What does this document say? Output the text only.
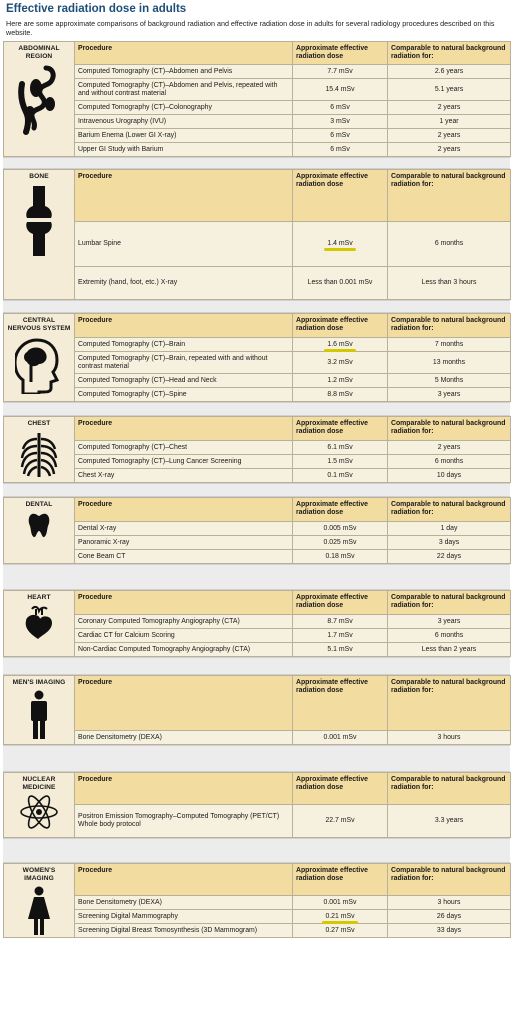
Effective radiation dose in adults
Here are some approximate comparisons of background radiation and effective radiation dose in adults for several radiology procedures described on this website.
ABDOMINAL REGION	Procedure	Approximate effective radiation dose	Comparable to natural background radiation for:
	Computed Tomography (CT)–Abdomen and Pelvis	7.7 mSv	2.6 years
	Computed Tomography (CT)–Abdomen and Pelvis, repeated with and without contrast material	15.4 mSv	5.1 years
	Computed Tomography (CT)–Colonography	6 mSv	2 years
	Intravenous Urography (IVU)	3 mSv	1 year
	Barium Enema (Lower GI X-ray)	6 mSv	2 years
	Upper GI Study with Barium	6 mSv	2 years
BONE	Procedure	Approximate effective radiation dose	Comparable to natural background radiation for:
	Lumbar Spine	1.4 mSv	6 months
	Extremity (hand, foot, etc.) X-ray	Less than 0.001 mSv	Less than 3 hours
CENTRAL NERVOUS SYSTEM	Procedure	Approximate effective radiation dose	Comparable to natural background radiation for:
	Computed Tomography (CT)–Brain	1.6 mSv	7 months
	Computed Tomography (CT)–Brain, repeated with and without contrast material	3.2 mSv	13 months
	Computed Tomography (CT)–Head and Neck	1.2 mSv	5 Months
	Computed Tomography (CT)–Spine	8.8 mSv	3 years
CHEST	Procedure	Approximate effective radiation dose	Comparable to natural background radiation for:
	Computed Tomography (CT)–Chest	6.1 mSv	2 years
	Computed Tomography (CT)–Lung Cancer Screening	1.5 mSv	6 months
	Chest X-ray	0.1 mSv	10 days
DENTAL	Procedure	Approximate effective radiation dose	Comparable to natural background radiation for:
	Dental X-ray	0.005 mSv	1 day
	Panoramic X-ray	0.025 mSv	3 days
	Cone Beam CT	0.18 mSv	22 days
HEART	Procedure	Approximate effective radiation dose	Comparable to natural background radiation for:
	Coronary Computed Tomography Angiography (CTA)	8.7 mSv	3 years
	Cardiac CT for Calcium Scoring	1.7 mSv	6 months
	Non-Cardiac Computed Tomography Angiography (CTA)	5.1 mSv	Less than 2 years
MEN'S IMAGING	Procedure	Approximate effective radiation dose	Comparable to natural background radiation for:
	Bone Densitometry (DEXA)	0.001 mSv	3 hours
NUCLEAR MEDICINE	Procedure	Approximate effective radiation dose	Comparable to natural background radiation for:
	Positron Emission Tomography–Computed Tomography (PET/CT) Whole body protocol	22.7 mSv	3.3 years
WOMEN'S IMAGING	Procedure	Approximate effective radiation dose	Comparable to natural background radiation for:
	Bone Densitometry (DEXA)	0.001 mSv	3 hours
	Screening Digital Mammography	0.21 mSv	26 days
	Screening Digital Breast Tomosynthesis (3D Mammogram)	0.27 mSv	33 days
